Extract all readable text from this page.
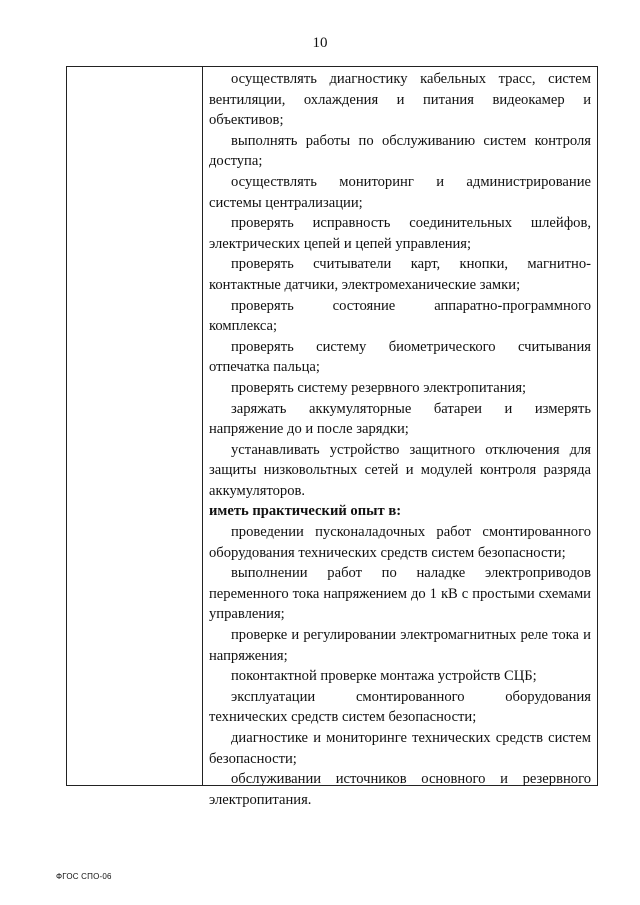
10

осуществлять диагностику кабельных трасс, систем вентиляции, охлаждения и питания видеокамер и объективов;

выполнять работы по обслуживанию систем контроля доступа;

осуществлять мониторинг и администрирование системы централизации;

проверять исправность соединительных шлейфов, электрических цепей и цепей управления;

проверять считыватели карт, кнопки, магнитно-контактные датчики, электромеханические замки;

проверять состояние аппаратно-программного комплекса;

проверять систему биометрического считывания отпечатка пальца;

проверять систему резервного электропитания;

заряжать аккумуляторные батареи и измерять напряжение до и после зарядки;

устанавливать устройство защитного отключения для защиты низковольтных сетей и модулей контроля разряда аккумуляторов.

иметь практический опыт в:

проведении пусконаладочных работ смонтированного оборудования технических средств систем безопасности;

выполнении работ по наладке электроприводов переменного тока напряжением до 1 кВ с простыми схемами управления;

проверке и регулировании электромагнитных реле тока и напряжения;

поконтактной проверке монтажа устройств СЦБ;

эксплуатации смонтированного оборудования технических средств систем безопасности;

диагностике и мониторинге технических средств систем безопасности;

обслуживании источников основного и резервного электропитания.

ФГОС СПО-06
